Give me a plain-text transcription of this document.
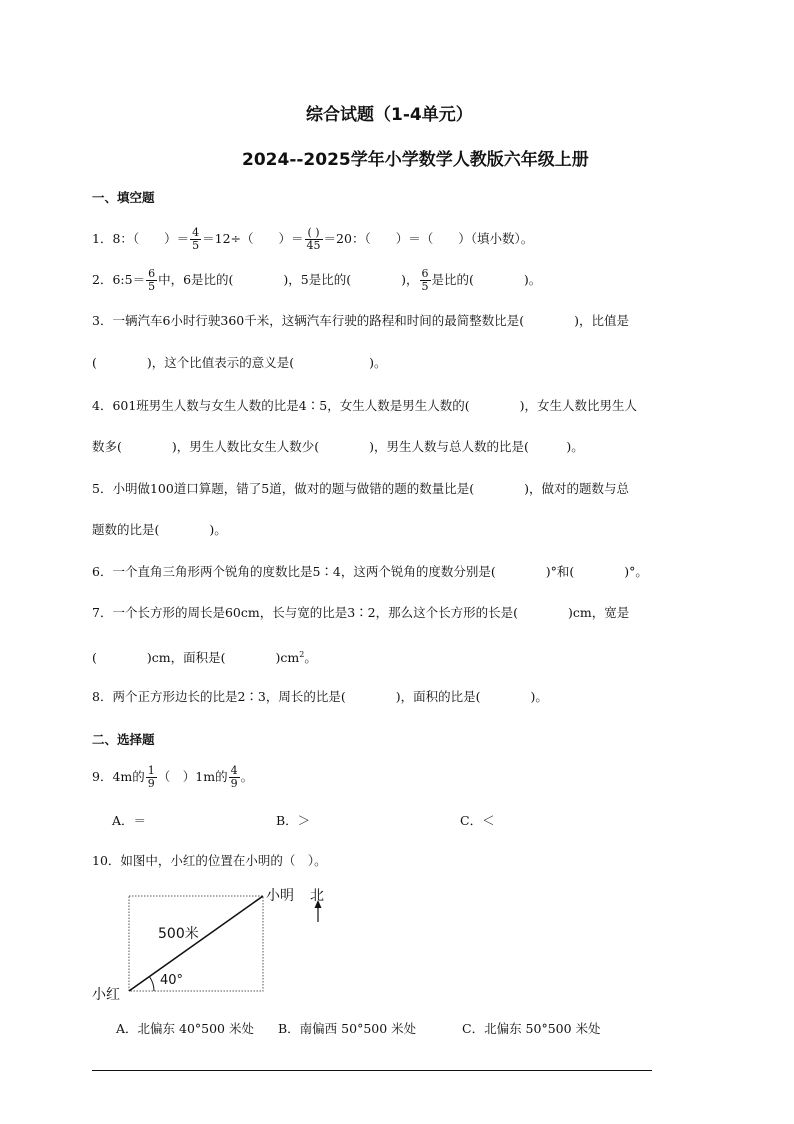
综合试题（1-4单元）
2024--2025学年小学数学人教版六年级上册
一、填空题
1．8：（　　）＝ $\frac{4}{5} =12\div$（　　）＝ $\frac{( )}{45} =20$：（　　）＝（　　）（填小数）。
2．6:5＝ $\frac{6}{5}$ 中，6是比的(　　　　)，5是比的(　　　　)， $\frac{6}{5}$ 是比的(　　　　)。
3．一辆汽车6小时行驶360千米，这辆汽车行驶的路程和时间的最简整数比是(　　　　)，比值是
(　　　　)，这个比值表示的意义是(　　　　　　)。
4．601班男生人数与女生人数的比是4∶5，女生人数是男生人数的(　　　　)，女生人数比男生人
数多(　　　　)，男生人数比女生人数少(　　　　)，男生人数与总人数的比是(　　　)。
5．小明做100道口算题，错了5道，做对的题与做错的题的数量比是(　　　　)，做对的题数与总
题数的比是(　　　　)。
6．一个直角三角形两个锐角的度数比是5∶4，这两个锐角的度数分别是(　　　　)°和(　　　　)°。
7．一个长方形的周长是60cm，长与宽的比是3∶2，那么这个长方形的长是(　　　　)cm，宽是
(　　　　)cm，面积是(　　　　)$cm^2$。
8．两个正方形边长的比是2∶3，周长的比是(　　　　)，面积的比是(　　　　)。
二、选择题
9．4m的 $\frac{1}{9}$ （　）1m的 $\frac{4}{9}$ 。
A．＝	B．＞	C．＜
10．如图中，小红的位置在小明的（　）。
小明 北
500米
40°
小红
A．北偏东 40°500 米处 B．南偏西 50°500 米处	C．北偏东 50°500 米处
